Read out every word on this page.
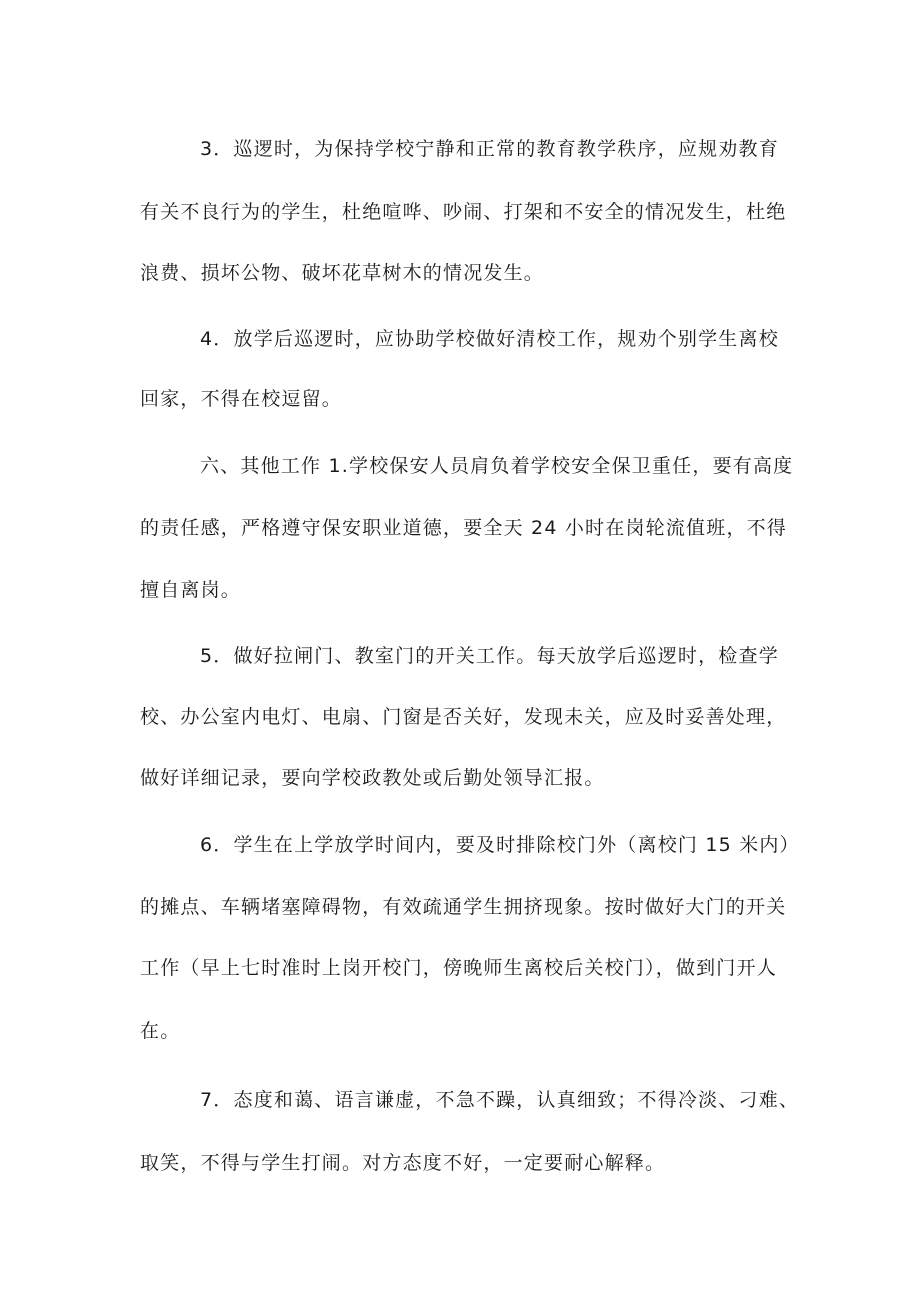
3．巡逻时，为保持学校宁静和正常的教育教学秩序，应规劝教育
有关不良行为的学生，杜绝喧哗、吵闹、打架和不安全的情况发生，杜绝
浪费、损坏公物、破坏花草树木的情况发生。
4．放学后巡逻时，应协助学校做好清校工作，规劝个别学生离校
回家，不得在校逗留。
六、其他工作 1.学校保安人员肩负着学校安全保卫重任，要有高度
的责任感，严格遵守保安职业道德，要全天 24 小时在岗轮流值班，不得
擅自离岗。
5．做好拉闸门、教室门的开关工作。每天放学后巡逻时，检查学
校、办公室内电灯、电扇、门窗是否关好，发现未关，应及时妥善处理，
做好详细记录，要向学校政教处或后勤处领导汇报。
6．学生在上学放学时间内，要及时排除校门外（离校门 15 米内）
的摊点、车辆堵塞障碍物，有效疏通学生拥挤现象。按时做好大门的开关
工作（早上七时准时上岗开校门，傍晚师生离校后关校门），做到门开人
在。
7．态度和蔼、语言谦虚，不急不躁，认真细致；不得冷淡、刁难、
取笑，不得与学生打闹。对方态度不好，一定要耐心解释。
